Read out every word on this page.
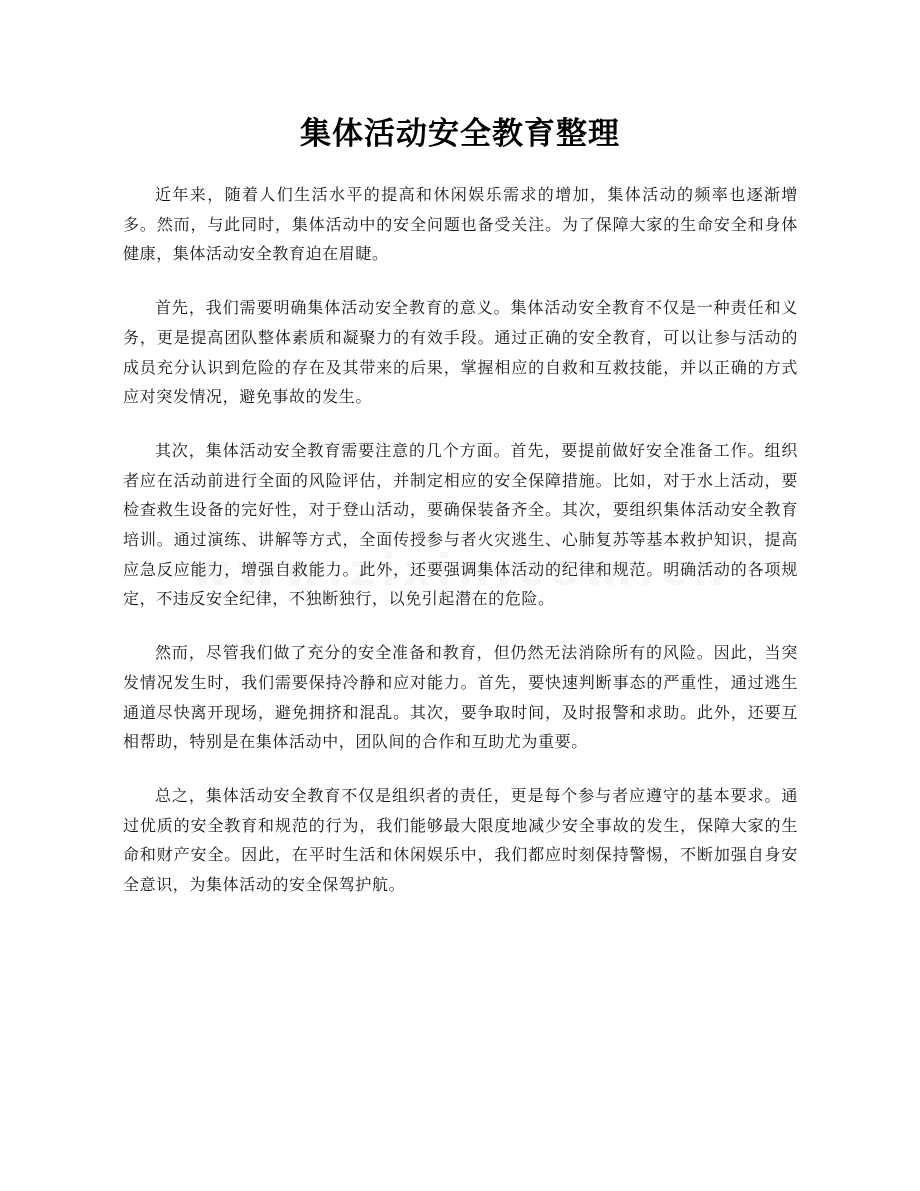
集体活动安全教育整理

近年来，随着人们生活水平的提高和休闲娱乐需求的增加，集体活动的频率也逐渐增多。然而，与此同时，集体活动中的安全问题也备受关注。为了保障大家的生命安全和身体健康，集体活动安全教育迫在眉睫。

首先，我们需要明确集体活动安全教育的意义。集体活动安全教育不仅是一种责任和义务，更是提高团队整体素质和凝聚力的有效手段。通过正确的安全教育，可以让参与活动的成员充分认识到危险的存在及其带来的后果，掌握相应的自救和互救技能，并以正确的方式应对突发情况，避免事故的发生。

其次，集体活动安全教育需要注意的几个方面。首先，要提前做好安全准备工作。组织者应在活动前进行全面的风险评估，并制定相应的安全保障措施。比如，对于水上活动，要检查救生设备的完好性，对于登山活动，要确保装备齐全。其次，要组织集体活动安全教育培训。通过演练、讲解等方式，全面传授参与者火灾逃生、心肺复苏等基本救护知识，提高应急反应能力，增强自救能力。此外，还要强调集体活动的纪律和规范。明确活动的各项规定，不违反安全纪律，不独断独行，以免引起潜在的危险。

然而，尽管我们做了充分的安全准备和教育，但仍然无法消除所有的风险。因此，当突发情况发生时，我们需要保持冷静和应对能力。首先，要快速判断事态的严重性，通过逃生通道尽快离开现场，避免拥挤和混乱。其次，要争取时间，及时报警和求助。此外，还要互相帮助，特别是在集体活动中，团队间的合作和互助尤为重要。

总之，集体活动安全教育不仅是组织者的责任，更是每个参与者应遵守的基本要求。通过优质的安全教育和规范的行为，我们能够最大限度地减少安全事故的发生，保障大家的生命和财产安全。因此，在平时生活和休闲娱乐中，我们都应时刻保持警惕，不断加强自身安全意识，为集体活动的安全保驾护航。
